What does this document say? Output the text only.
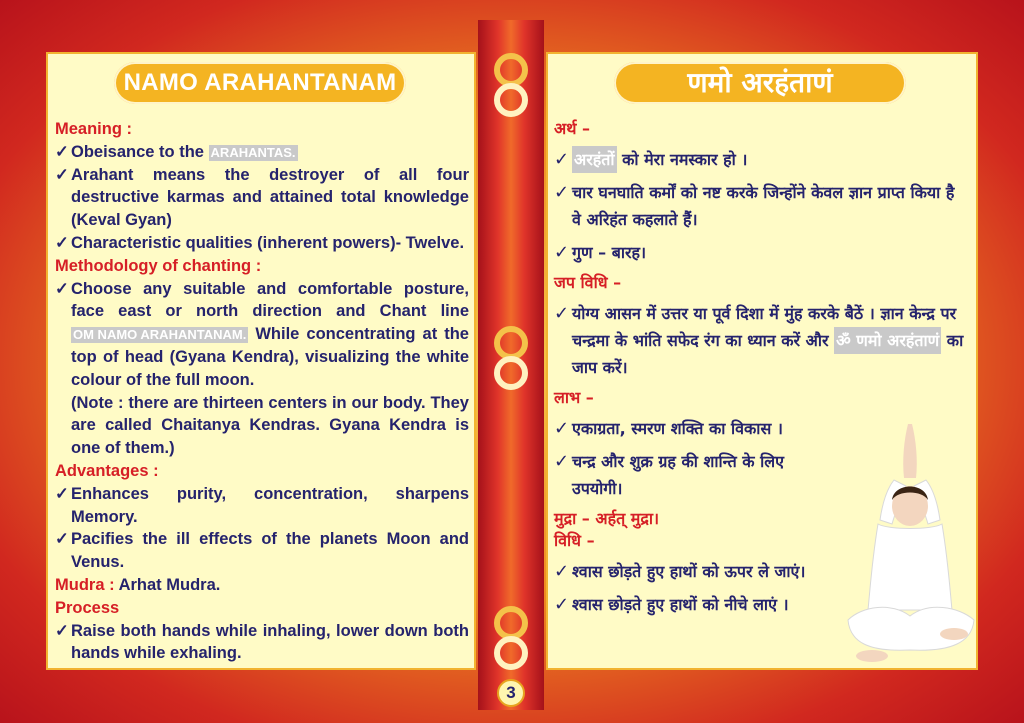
NAMO ARAHANTANAM	णमो अरहंताणं
Meaning :
✓ Obeisance to the ARAHANTAS.
✓ Arahant means the destroyer of all four destructive karmas and attained total knowledge (Keval Gyan)
✓ Characteristic qualities (inherent powers)- Twelve.
Methodology of chanting :
✓ Choose any suitable and comfortable posture, face east or north direction and Chant line OM NAMO ARAHANTANAM. While concentrating at the top of head (Gyana Kendra), visualizing the white colour of the full moon.
(Note : there are thirteen centers in our body. They are called Chaitanya Kendras. Gyana Kendra is one of them.)
Advantages :
✓ Enhances purity, concentration, sharpens Memory.
✓ Pacifies the ill effects of the planets Moon and Venus.
Mudra : Arhat Mudra.
Process
✓ Raise both hands while inhaling, lower down both hands while exhaling.
अर्थ –
✓ अरहंतों को मेरा नमस्कार हो ।
✓ चार घनघाति कर्मों को नष्ट करके जिन्होंने केवल ज्ञान प्राप्त किया है वे अरिहंत कहलाते हैं।
✓ गुण – बारह।
जप विधि –
✓ योग्य आसन में उत्तर या पूर्व दिशा में मुंह करके बैठें । ज्ञान केन्द्र पर चन्द्रमा के भांति सफेद रंग का ध्यान करें और ॐ णमो अरहंताणं का जाप करें।
लाभ –
✓ एकाग्रता, स्मरण शक्ति का विकास ।
✓ चन्द्र और शुक्र ग्रह की शान्ति के लिए उपयोगी।
मुद्रा – अर्हत् मुद्रा।
विधि –
✓ श्वास छोड़ते हुए हाथों को ऊपर ले जाएं।
✓ श्वास छोड़ते हुए हाथों को नीचे लाएं ।
3
